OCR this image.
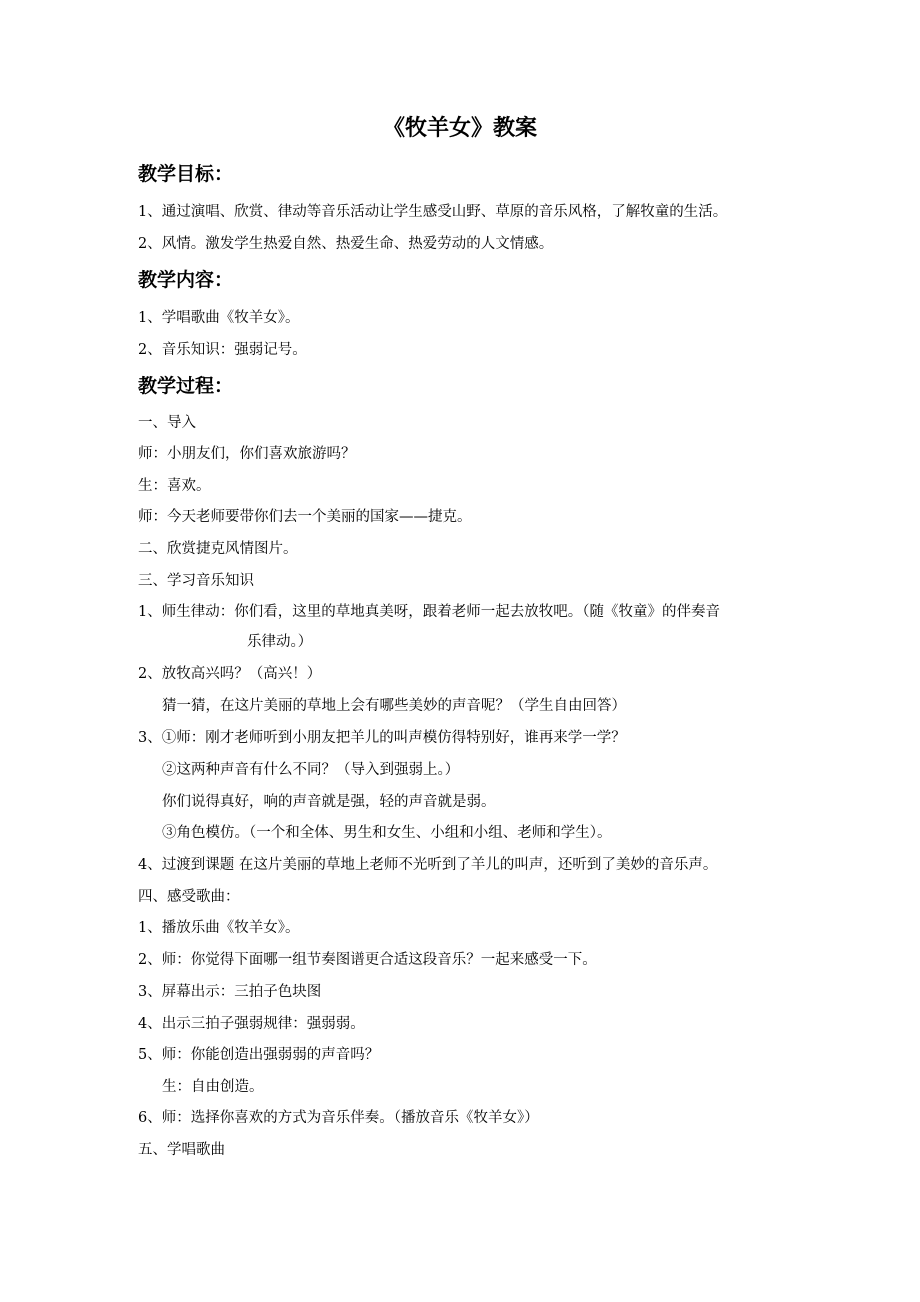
《牧羊女》教案
教学目标：
1、通过演唱、欣赏、律动等音乐活动让学生感受山野、草原的音乐风格，了解牧童的生活。
2、风情。激发学生热爱自然、热爱生命、热爱劳动的人文情感。
教学内容：
1、学唱歌曲《牧羊女》。
2、音乐知识：强弱记号。
教学过程：
一、导入
师：小朋友们，你们喜欢旅游吗？
生：喜欢。
师：今天老师要带你们去一个美丽的国家——捷克。
二、欣赏捷克风情图片。
三、学习音乐知识
1、师生律动：你们看，这里的草地真美呀，跟着老师一起去放牧吧。（随《牧童》的伴奏音
乐律动。）
2、放牧高兴吗？（高兴！）
猜一猜，在这片美丽的草地上会有哪些美妙的声音呢？（学生自由回答）
3、①师：刚才老师听到小朋友把羊儿的叫声模仿得特别好，谁再来学一学？
②这两种声音有什么不同？（导入到强弱上。）
你们说得真好，响的声音就是强，轻的声音就是弱。
③角色模仿。（一个和全体、男生和女生、小组和小组、老师和学生）。
4、过渡到课题 在这片美丽的草地上老师不光听到了羊儿的叫声，还听到了美妙的音乐声。
四、感受歌曲：
1、播放乐曲《牧羊女》。
2、师：你觉得下面哪一组节奏图谱更合适这段音乐？一起来感受一下。
3、屏幕出示：三拍子色块图
4、出示三拍子强弱规律：强弱弱。
5、师：你能创造出强弱弱的声音吗？
生：自由创造。
6、师：选择你喜欢的方式为音乐伴奏。（播放音乐《牧羊女》）
五、学唱歌曲
